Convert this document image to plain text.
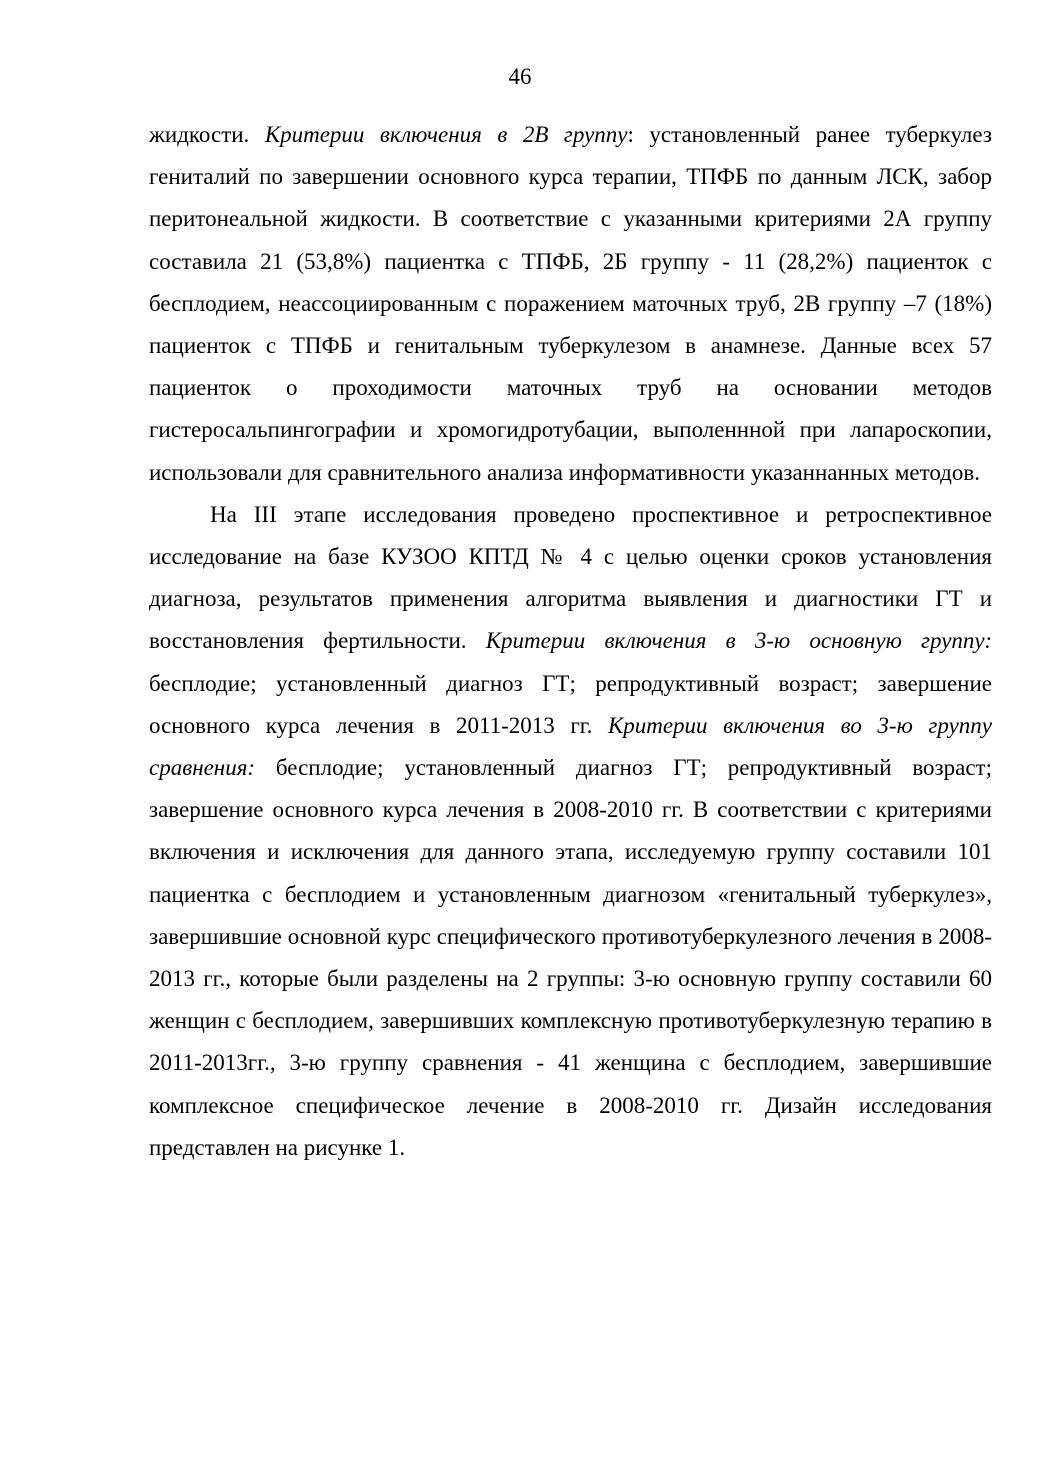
46

жидкости. Критерии включения в 2В группу: установленный ранее туберкулез гениталий по завершении основного курса терапии, ТПФБ по данным ЛСК, забор перитонеальной жидкости. В соответствие с указанными критериями 2А группу составила 21 (53,8%) пациентка с ТПФБ, 2Б группу - 11 (28,2%) пациенток с бесплодием, неассоциированным с поражением маточных труб, 2В группу –7 (18%) пациенток с ТПФБ и генитальным туберкулезом в анамнезе. Данные всех 57 пациенток о проходимости маточных труб на основании методов гистеросальпингографии и хромогидротубации, выполеннной при лапароскопии, использовали для сравнительного анализа информативности указаннанных методов.

На III этапе исследования проведено проспективное и ретроспективное исследование на базе КУЗОО КПТД № 4 с целью оценки сроков установления диагноза, результатов применения алгоритма выявления и диагностики ГТ и восстановления фертильности. Критерии включения в 3-ю основную группу: бесплодие; установленный диагноз ГТ; репродуктивный возраст; завершение основного курса лечения в 2011-2013 гг. Критерии включения во 3-ю группу сравнения: бесплодие; установленный диагноз ГТ; репродуктивный возраст; завершение основного курса лечения в 2008-2010 гг. В соответствии с критериями включения и исключения для данного этапа, исследуемую группу составили 101 пациентка с бесплодием и установленным диагнозом «генитальный туберкулез», завершившие основной курс специфического противотуберкулезного лечения в 2008-2013 гг., которые были разделены на 2 группы: 3-ю основную группу составили 60 женщин с бесплодием, завершивших комплексную противотуберкулезную терапию в 2011-2013гг., 3-ю группу сравнения - 41 женщина с бесплодием, завершившие комплексное специфическое лечение в 2008-2010 гг. Дизайн исследования представлен на рисунке 1.
